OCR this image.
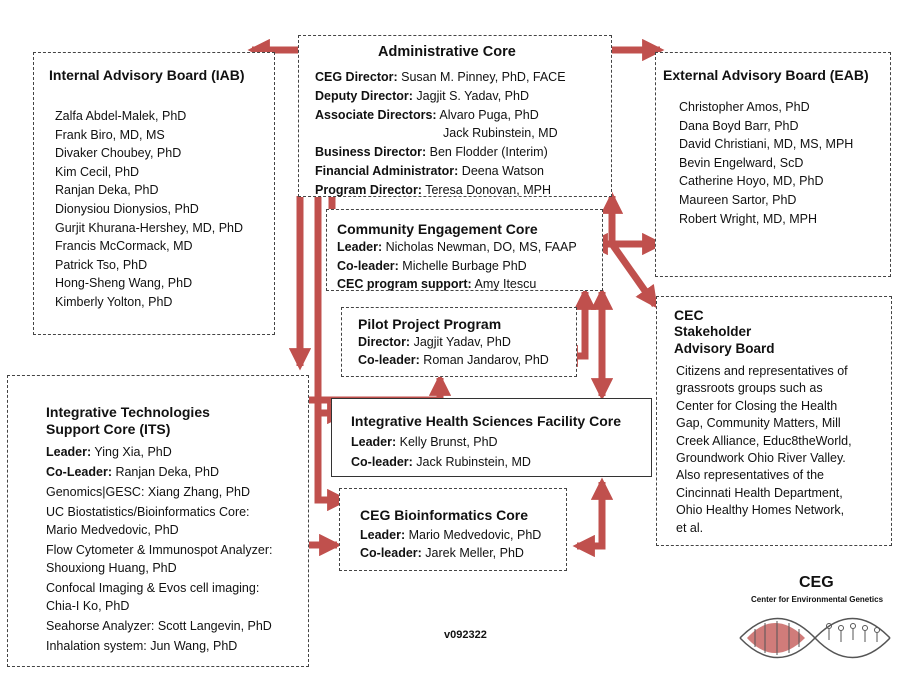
Internal Advisory Board (IAB)
Zalfa Abdel-Malek, PhD
Frank Biro, MD, MS
Divaker Choubey, PhD
Kim Cecil, PhD
Ranjan Deka, PhD
Dionysiou Dionysios, PhD
Gurjit Khurana-Hershey, MD, PhD
Francis McCormack, MD
Patrick Tso, PhD
Hong-Sheng Wang, PhD
Kimberly Yolton, PhD
Administrative Core
CEG Director: Susan M. Pinney, PhD, FACE
Deputy Director: Jagjit S. Yadav, PhD
Associate Directors: Alvaro Puga, PhD
Jack Rubinstein, MD
Business Director: Ben Flodder (Interim)
Financial Administrator: Deena Watson
Program Director: Teresa Donovan, MPH
External Advisory Board (EAB)
Christopher Amos, PhD
Dana Boyd Barr, PhD
David Christiani, MD, MS, MPH
Bevin Engelward, ScD
Catherine Hoyo, MD, PhD
Maureen Sartor, PhD
Robert Wright, MD, MPH
Community Engagement Core
Leader: Nicholas Newman, DO, MS, FAAP
Co-leader: Michelle Burbage PhD
CEC program support: Amy Itescu
Pilot Project Program
Director: Jagjit Yadav, PhD
Co-leader: Roman Jandarov, PhD
Integrative Technologies
Support Core (ITS)
Leader: Ying Xia, PhD
Co-Leader: Ranjan Deka, PhD
Genomics|GESC: Xiang Zhang, PhD
UC Biostatistics/Bioinformatics Core:
Mario Medvedovic, PhD
Flow Cytometer & Immunospot Analyzer:
Shouxiong Huang, PhD
Confocal Imaging & Evos cell imaging:
Chia-I Ko, PhD
Seahorse Analyzer: Scott Langevin, PhD
Inhalation system: Jun Wang, PhD
Integrative Health Sciences Facility Core
Leader: Kelly Brunst, PhD
Co-leader: Jack Rubinstein, MD
CEG Bioinformatics Core
Leader: Mario Medvedovic, PhD
Co-leader: Jarek Meller, PhD
CEC
Stakeholder
Advisory Board
Citizens and representatives of
grassroots groups such as
Center for Closing the Health
Gap, Community Matters, Mill
Creek Alliance, Educ8theWorld,
Groundwork Ohio River Valley.
Also representatives of the
Cincinnati Health Department,
Ohio Healthy Homes Network,
et al.
v092322
CEG
Center for Environmental Genetics
